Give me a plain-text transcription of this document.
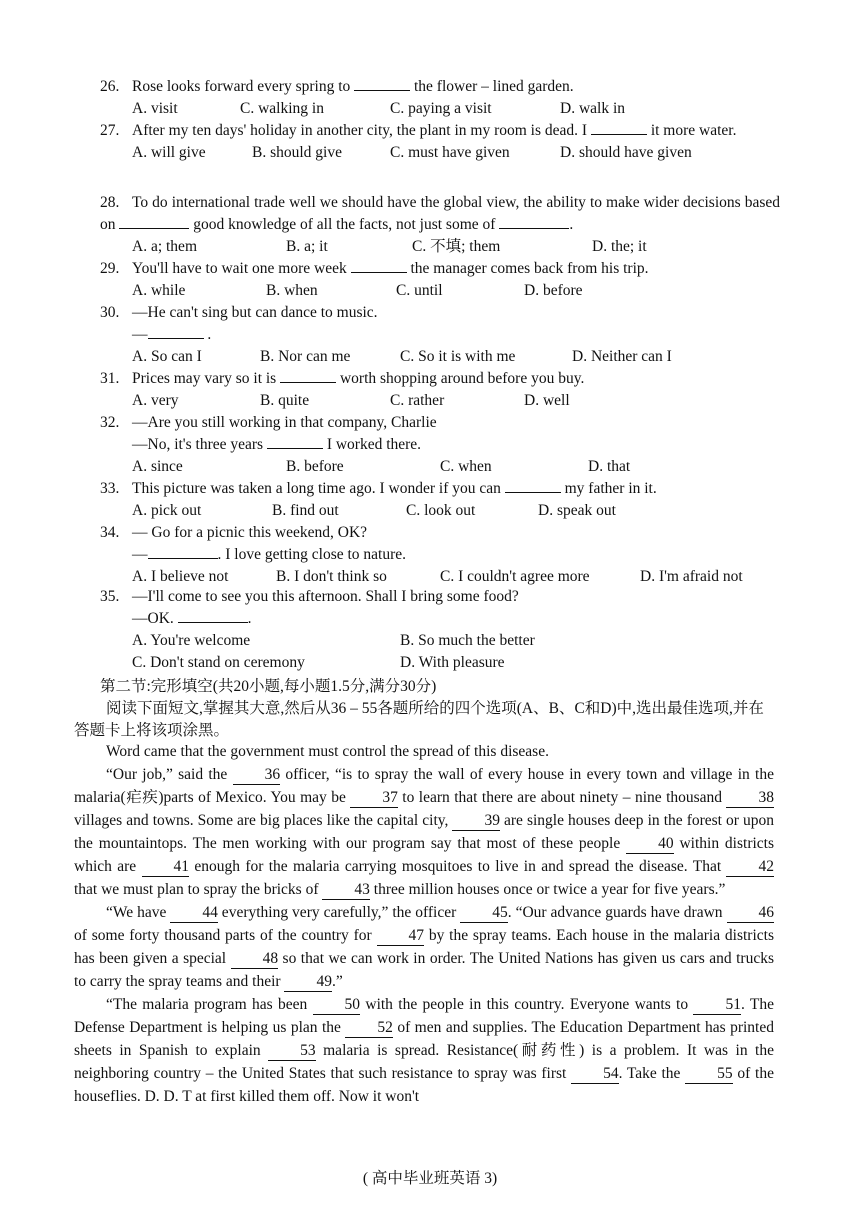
26. Rose looks forward every spring to	the flower – lined garden.
A. visit	C. walking in	C. paying a visit	D. walk in
27. After my ten days' holiday in another city, the plant in my room is dead. I	it more water.
A. will give	B. should give	C. must have given	D. should have given
28. To do international trade well we should have the global view, the ability to make wider decisions based on	good knowledge of all the facts, not just some of	.
A. a; them	B. a; it	C. 不填; them	D. the; it
29. You'll have to wait one more week	the manager comes back from his trip.
A. while	B. when	C. until	D. before
30. —He can't sing but can dance to music.
—	.
A. So can I	B. Nor can me	C. So it is with me	D. Neither can I
31. Prices may vary so it is	worth shopping around before you buy.
A. very	B. quite	C. rather	D. well
32. —Are you still working in that company, Charlie
—No, it's three years	I worked there.
A. since	B. before	C. when	D. that
33. This picture was taken a long time ago. I wonder if you can	my father in it.
A. pick out	B. find out	C. look out	D. speak out
34. — Go for a picnic this weekend, OK?
—	. I love getting close to nature.
A. I believe not	B. I don't think so	C. I couldn't agree more	D. I'm afraid not
35. —I'll come to see you this afternoon. Shall I bring some food?
—OK.	.
A. You're welcome	B. So much the better
C. Don't stand on ceremony	D. With pleasure
第二节:完形填空(共20小题,每小题1.5分,满分30分)
阅读下面短文,掌握其大意,然后从36 – 55各题所给的四个选项(A、B、C和D)中,选出最佳选项,并在答题卡上将该项涂黑。

Word came that the government must control the spread of this disease.

“Our job,” said the 36 officer, “is to spray the wall of every house in every town and village in the malaria(疟疾)parts of Mexico. You may be 37 to learn that there are about ninety – nine thousand 38 villages and towns. Some are big places like the capital city, 39 are single houses deep in the forest or upon the mountaintops. The men working with our program say that most of these people 40 within districts which are 41 enough for the malaria carrying mosquitoes to live in and spread the disease. That 42 that we must plan to spray the bricks of 43 three million houses once or twice a year for five years.”

“We have 44 everything very carefully,” the officer 45. “Our advance guards have drawn 46 of some forty thousand parts of the country for 47 by the spray teams. Each house in the malaria districts has been given a special 48 so that we can work in order. The United Nations has given us cars and trucks to carry the spray teams and their 49.”

“The malaria program has been 50 with the people in this country. Everyone wants to 51. The Defense Department is helping us plan the 52 of men and supplies. The Education Department has printed sheets in Spanish to explain 53 malaria is spread. Resistance(耐药性) is a problem. It was in the neighboring country – the United States that such resistance to spray was first 54. Take the 55 of the houseflies. D. D. T at first killed them off. Now it won't

( 高中毕业班英语 3)
